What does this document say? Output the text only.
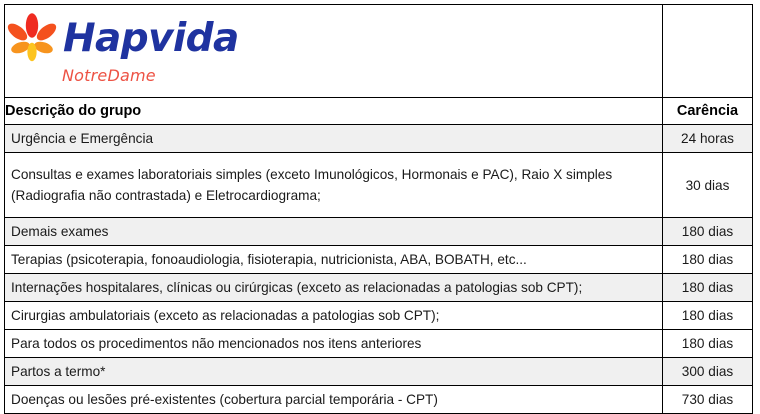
Hapvida
NotreDame	

Descrição do grupo	Carência
Urgência e Emergência	24 horas
Consultas e exames laboratoriais simples (exceto Imunológicos, Hormonais e PAC), Raio X simples (Radiografia não contrastada) e Eletrocardiograma;	30 dias
Demais exames	180 dias
Terapias (psicoterapia, fonoaudiologia, fisioterapia, nutricionista, ABA, BOBATH, etc...	180 dias
Internações hospitalares, clínicas ou cirúrgicas (exceto as relacionadas a patologias sob CPT);	180 dias
Cirurgias ambulatoriais (exceto as relacionadas a patologias sob CPT);	180 dias
Para todos os procedimentos não mencionados nos itens anteriores	180 dias
Partos a termo*	300 dias
Doenças ou lesões pré-existentes (cobertura parcial temporária - CPT)	730 dias
